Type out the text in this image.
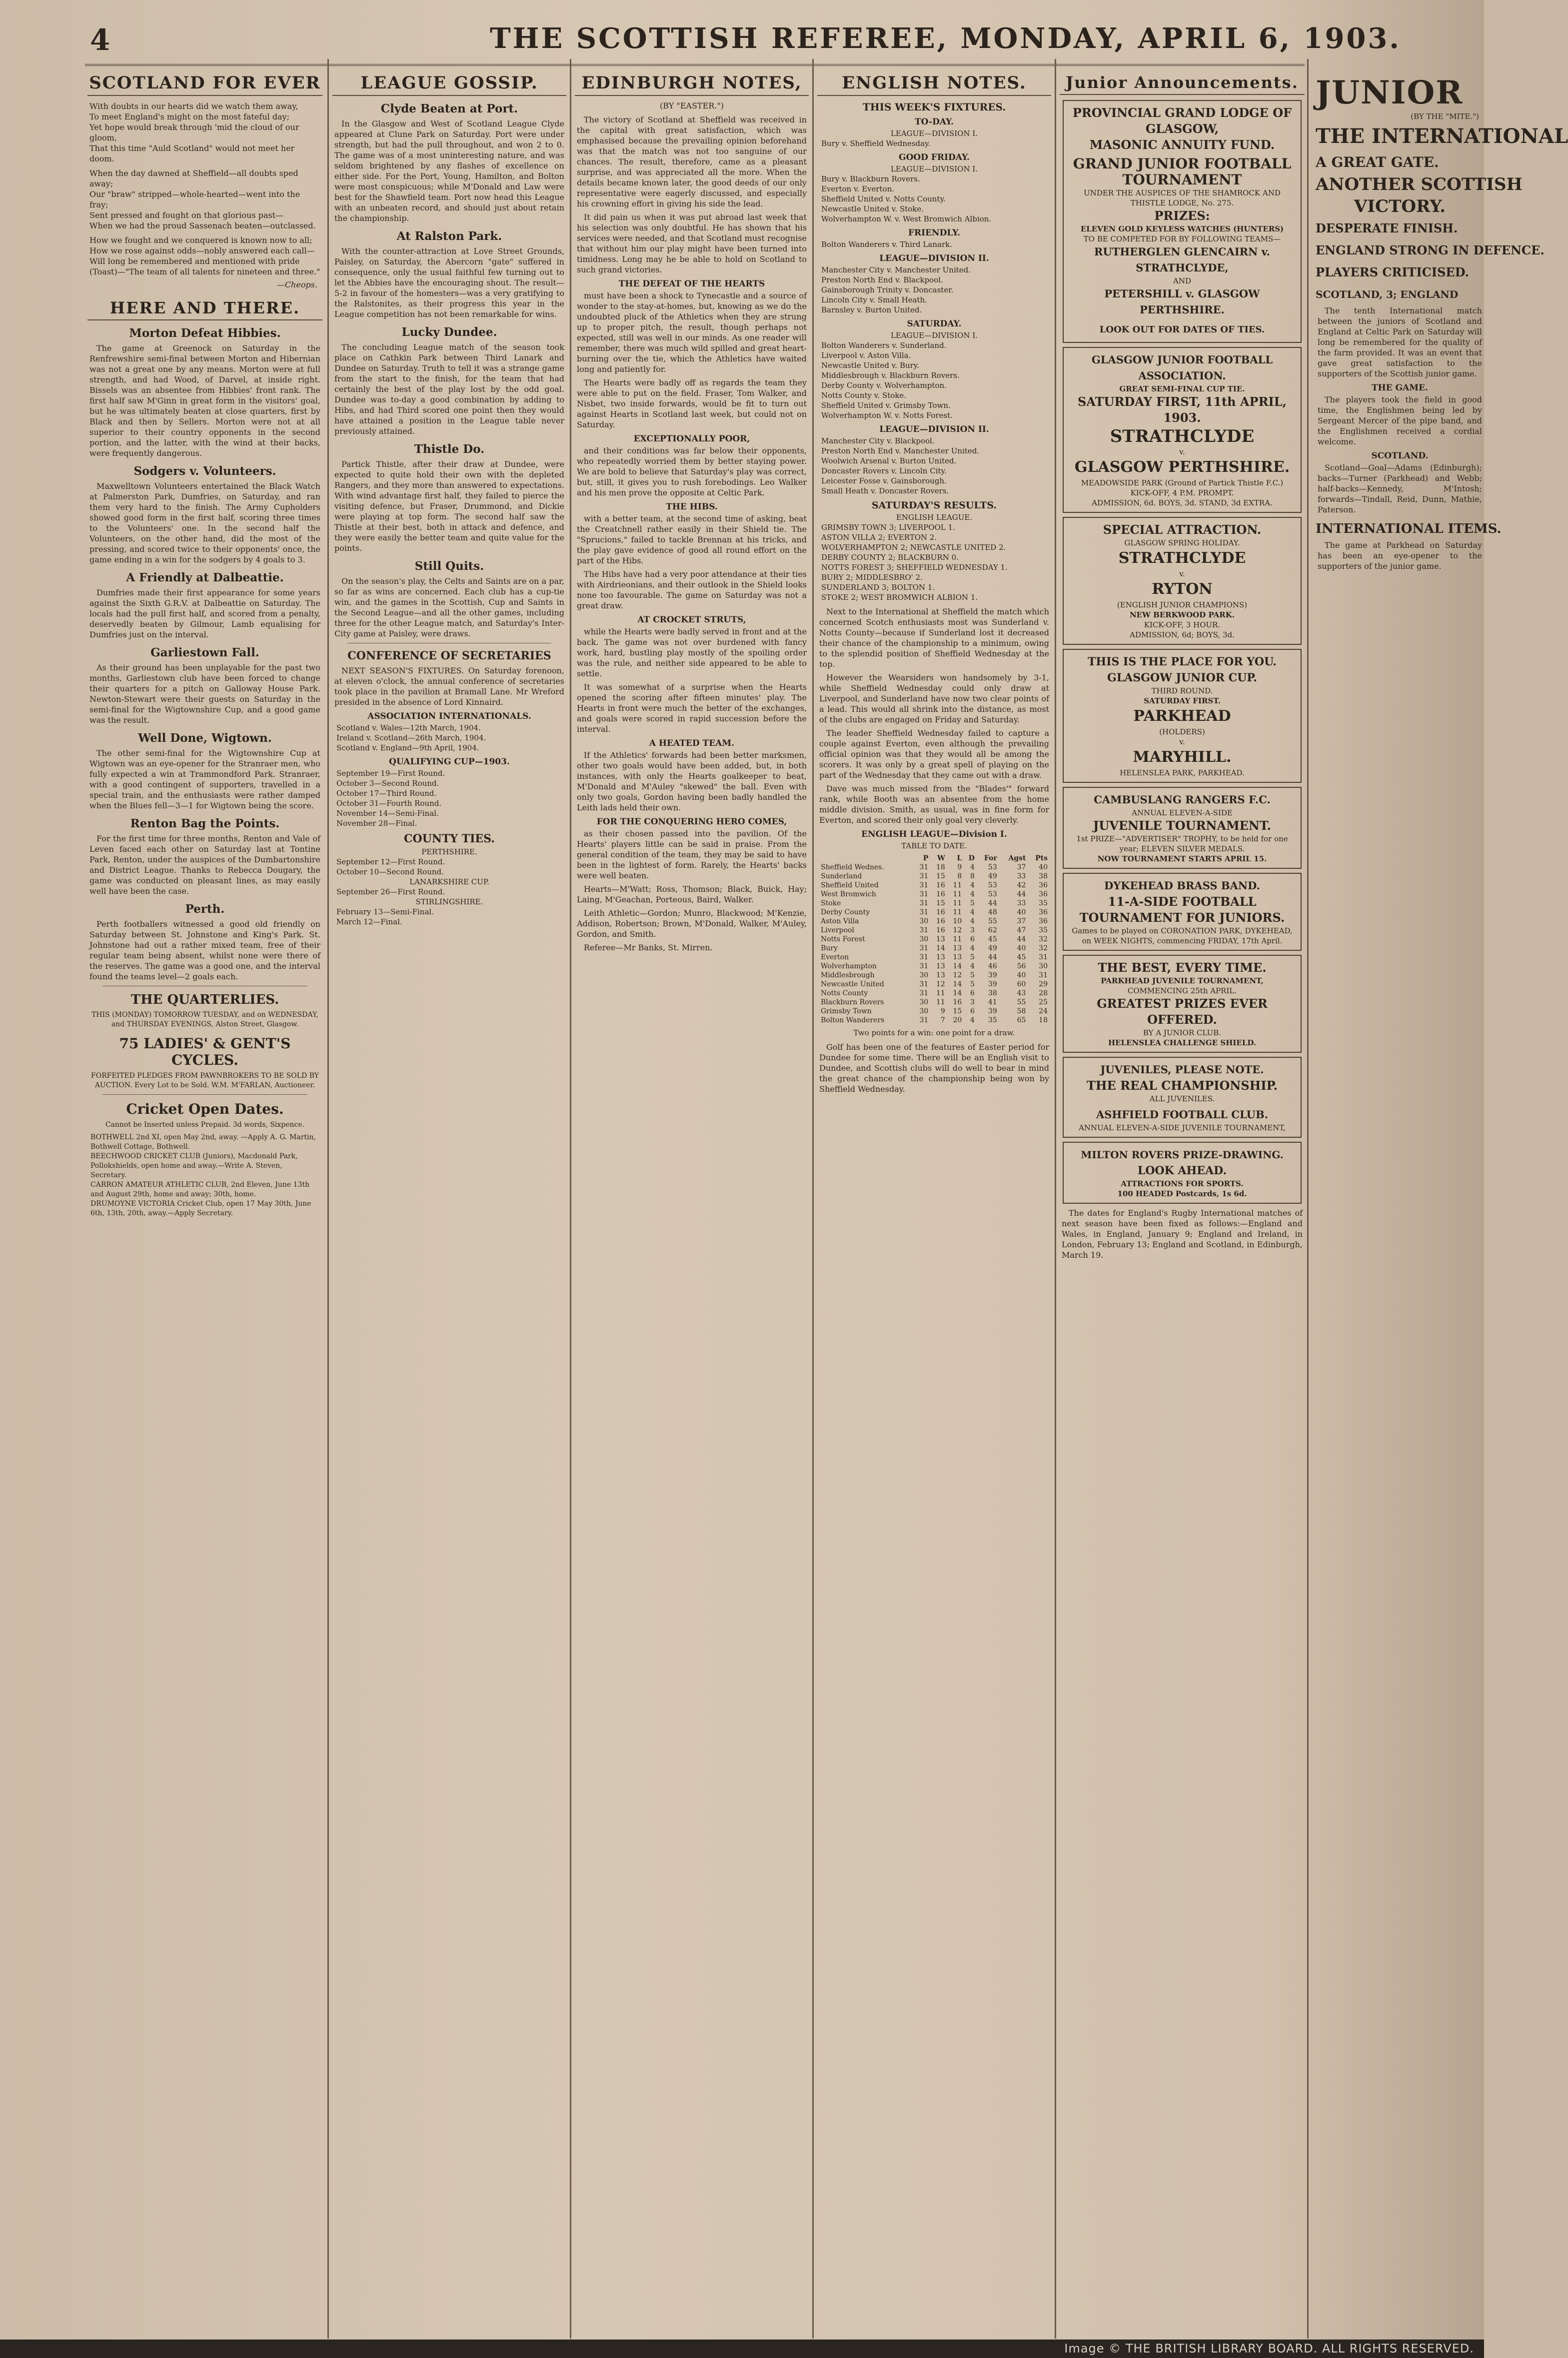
4	THE SCOTTISH REFEREE, MONDAY, APRIL 6, 1903.
SCOTLAND FOR EVER
With doubts in our hearts did we watch them away,
To meet England's might on the most fateful day;
Yet hope would break through 'mid the cloud of our gloom,
That this time "Auld Scotland" would not meet her doom.
When the day dawned at Sheffield—all doubts sped away;
Our "braw" stripped—whole-hearted—went into the fray;
Sent pressed and fought on that glorious past—
When we had the proud Sassenach beaten—outclassed.
How we fought and we conquered is known now to all;
How we rose against odds—nobly answered each call—
Will long be remembered and mentioned with pride
(Toast)—"The team of all talents for nineteen and three."
—Cheops.
HERE AND THERE.
Morton Defeat Hibbies.
The game at Greenock on Saturday in the Renfrewshire semi-final between Morton and Hibernian was not a great one by any means. Morton were at full strength, and had Wood, of Darvel, at inside right. Bissels was an absentee from Hibbies' front rank. The first half saw M'Ginn in great form in the visitors' goal, but he was ultimately beaten at close quarters, first by Black and then by Sellers. Morton were not at all superior to their country opponents in the second portion, and the latter, with the wind at their backs, were frequently dangerous.
Sodgers v. Volunteers.
Maxwelltown Volunteers entertained the Black Watch at Palmerston Park, Dumfries, on Saturday, and ran them very hard to the finish. The Army Cupholders showed good form in the first half, scoring three times to the Volunteers' one. In the second half the Volunteers, on the other hand, did the most of the pressing, and scored twice to their opponents' once, the game ending in a win for the sodgers by 4 goals to 3.
A Friendly at Dalbeattie.
Dumfries made their first appearance for some years against the Sixth G.R.V. at Dalbeattie on Saturday. The locals had the pull first half, and scored from a penalty, deservedly beaten by Gilmour, Lamb equalising for Dumfries just on the interval.
Garliestown Fall.
As their ground has been unplayable for the past two months, Garliestown club have been forced to change their quarters for a pitch on Galloway House Park. Newton-Stewart were their guests on Saturday in the semi-final for the Wigtownshire Cup, and a good game was the result.
Well Done, Wigtown.
The other semi-final for the Wigtownshire Cup at Wigtown was an eye-opener for the Stranraer men, who fully expected a win at Trammondford Park. Stranraer, with a good contingent of supporters, travelled in a special train, and the enthusiasts were rather damped when the Blues fell—3—1 for Wigtown being the score.
Renton Bag the Points.
For the first time for three months, Renton and Vale of Leven faced each other on Saturday last at Tontine Park, Renton, under the auspices of the Dumbartonshire and District League. Thanks to Rebecca Dougary, the game was conducted on pleasant lines, as may easily well have been the case.
Perth.
Perth footballers witnessed a good old friendly on Saturday between St. Johnstone and King's Park. St. Johnstone had out a rather mixed team, free of their regular team being absent, whilst none were there of the reserves. The game was a good one, and the interval found the teams level—2 goals each.
THE QUARTERLIES.
THIS (MONDAY) TOMORROW TUESDAY, and on WEDNESDAY, and THURSDAY EVENINGS, Alston Street, Glasgow.
75 LADIES' & GENT'S CYCLES.
FORFEITED PLEDGES FROM PAWNBROKERS TO BE SOLD BY AUCTION. Every Lot to be Sold. W.M. M'FARLAN, Auctioneer.
Cricket Open Dates.
Cannot be Inserted unless Prepaid. 3d words, Sixpence.
BOTHWELL 2nd XI, open May 2nd, away. —Apply A. G. Martin, Bothwell Cottage, Bothwell.
BEECHWOOD CRICKET CLUB (Juniors), Macdonald Park, Pollokshields, open home and away.—Write A. Steven, Secretary.
CARRON AMATEUR ATHLETIC CLUB, 2nd Eleven, June 13th and August 29th, home and away; 30th, home.
DRUMOYNE VICTORIA Cricket Club, open 17 May 30th, June 6th, 13th, 20th, away.—Apply Secretary.
LEAGUE GOSSIP.
Clyde Beaten at Port.
In the Glasgow and West of Scotland League Clyde appeared at Clune Park on Saturday. Port were under strength, but had the pull throughout, and won 2 to 0. The game was of a most uninteresting nature, and was seldom brightened by any flashes of excellence on either side. For the Port, Young, Hamilton, and Bolton were most conspicuous; while M'Donald and Law were best for the Shawfield team. Port now head this League with an unbeaten record, and should just about retain the championship.
At Ralston Park.
With the counter-attraction at Love Street Grounds, Paisley, on Saturday, the Abercorn "gate" suffered in consequence, only the usual faithful few turning out to let the Abbies have the encouraging shout. The result—5-2 in favour of the homesters—was a very gratifying to the Ralstonites, as their progress this year in the League competition has not been remarkable for wins.
Lucky Dundee.
The concluding League match of the season took place on Cathkin Park between Third Lanark and Dundee on Saturday. Truth to tell it was a strange game from the start to the finish, for the team that had certainly the best of the play lost by the odd goal. Dundee was to-day a good combination by adding to Hibs, and had Third scored one point then they would have attained a position in the League table never previously attained.
Thistle Do.
Partick Thistle, after their draw at Dundee, were expected to quite hold their own with the depleted Rangers, and they more than answered to expectations. With wind advantage first half, they failed to pierce the visiting defence, but Fraser, Drummond, and Dickie were playing at top form. The second half saw the Thistle at their best, both in attack and defence, and they were easily the better team and quite value for the points.
Still Quits.
On the season's play, the Celts and Saints are on a par, so far as wins are concerned. Each club has a cup-tie win, and the games in the Scottish, Cup and Saints in the Second League—and all the other games, including three for the other League match, and Saturday's Inter-City game at Paisley, were draws.
CONFERENCE OF SECRETARIES
NEXT SEASON'S FIXTURES. On Saturday forenoon, at eleven o'clock, the annual conference of secretaries took place in the pavilion at Bramall Lane. Mr Wreford presided in the absence of Lord Kinnaird.
ASSOCIATION INTERNATIONALS.
Scotland v. Wales—12th March, 1904.
Ireland v. Scotland—26th March, 1904.
Scotland v. England—9th April, 1904.
QUALIFYING CUP—1903.
September 19—First Round.
October 3—Second Round.
October 17—Third Round.
October 31—Fourth Round.
November 14—Semi-Final.
November 28—Final.
COUNTY TIES.
PERTHSHIRE.
September 12—First Round.
October 10—Second Round.
LANARKSHIRE CUP.
September 26—First Round.
STIRLINGSHIRE.
February 13—Semi-Final.
March 12—Final.
EDINBURGH NOTES,
(BY "EASTER.")
The victory of Scotland at Sheffield was received in the capital with great satisfaction, which was emphasised because the prevailing opinion beforehand was that the match was not too sanguine of our chances. The result, therefore, came as a pleasant surprise, and was appreciated all the more. When the details became known later, the good deeds of our only representative were eagerly discussed, and especially his crowning effort in giving his side the lead.
It did pain us when it was put abroad last week that his selection was only doubtful. He has shown that his services were needed, and that Scotland must recognise that without him our play might have been turned into timidness. Long may he be able to hold on Scotland to such grand victories.
THE DEFEAT OF THE HEARTS
must have been a shock to Tynecastle and a source of wonder to the stay-at-homes, but, knowing as we do the undoubted pluck of the Athletics when they are strung up to proper pitch, the result, though perhaps not expected, still was well in our minds. As one reader will remember, there was much wild spilled and great heart-burning over the tie, which the Athletics have waited long and patiently for.
The Hearts were badly off as regards the team they were able to put on the field. Fraser, Tom Walker, and Nisbet, two inside forwards, would be fit to turn out against Hearts in Scotland last week, but could not on Saturday.
EXCEPTIONALLY POOR,
and their conditions was far below their opponents, who repeatedly worried them by better staying power. We are bold to believe that Saturday's play was correct, but, still, it gives you to rush forebodings. Leo Walker and his men prove the opposite at Celtic Park.
THE HIBS.
with a better team, at the second time of asking, beat the Creatchnell rather easily in their Shield tie. The "Sprucions," failed to tackle Brennan at his tricks, and the play gave evidence of good all round effort on the part of the Hibs.
The Hibs have had a very poor attendance at their ties with Airdrieonians, and their outlook in the Shield looks none too favourable. The game on Saturday was not a great draw.
AT CROCKET STRUTS,
while the Hearts were badly served in front and at the back. The game was not over burdened with fancy work, hard, bustling play mostly of the spoiling order was the rule, and neither side appeared to be able to settle.
It was somewhat of a surprise when the Hearts opened the scoring after fifteen minutes' play. The Hearts in front were much the better of the exchanges, and goals were scored in rapid succession before the interval.
A HEATED TEAM.
If the Athletics' forwards had been better marksmen, other two goals would have been added, but, in both instances, with only the Hearts goalkeeper to beat, M'Donald and M'Auley "skewed" the ball. Even with only two goals, Gordon having been badly handled the Leith lads held their own.
FOR THE CONQUERING HERO COMES,
as their chosen passed into the pavilion. Of the Hearts' players little can be said in praise. From the general condition of the team, they may be said to have been in the lightest of form. Rarely, the Hearts' backs were well beaten.
Hearts—M'Watt; Ross, Thomson; Black, Buick, Hay; Laing, M'Geachan, Porteous, Baird, Walker.
Leith Athletic—Gordon; Munro, Blackwood; M'Kenzie, Addison, Robertson; Brown, M'Donald, Walker, M'Auley, Gordon, and Smith.
Referee—Mr Banks, St. Mirren.
ENGLISH NOTES.
THIS WEEK'S FIXTURES.
TO-DAY.
LEAGUE—DIVISION I.
Bury v. Sheffield Wednesday.
GOOD FRIDAY.
LEAGUE—DIVISION I.
Bury v. Blackburn Rovers.
Everton v. Everton.
Sheffield United v. Notts County.
Newcastle United v. Stoke.
Wolverhampton W. v. West Bromwich Albion.
FRIENDLY.
Bolton Wanderers v. Third Lanark.
LEAGUE—DIVISION II.
Manchester City v. Manchester United.
Preston North End v. Blackpool.
Gainsborough Trinity v. Doncaster.
Lincoln City v. Small Heath.
Barnsley v. Burton United.
SATURDAY.
LEAGUE—DIVISION I.
Bolton Wanderers v. Sunderland.
Liverpool v. Aston Villa.
Newcastle United v. Bury.
Middlesbrough v. Blackburn Rovers.
Derby County v. Wolverhampton.
Notts County v. Stoke.
Sheffield United v. Grimsby Town.
Wolverhampton W. v. Notts Forest.
LEAGUE—DIVISION II.
Manchester City v. Blackpool.
Preston North End v. Manchester United.
Woolwich Arsenal v. Burton United.
Doncaster Rovers v. Lincoln City.
Leicester Fosse v. Gainsborough.
Small Heath v. Doncaster Rovers.
SATURDAY'S RESULTS.
ENGLISH LEAGUE.
GRIMSBY TOWN 3; LIVERPOOL 1.
ASTON VILLA 2; EVERTON 2.
WOLVERHAMPTON 2; NEWCASTLE UNITED 2.
DERBY COUNTY 2; BLACKBURN 0.
NOTTS FOREST 3; SHEFFIELD WEDNESDAY 1.
BURY 2; MIDDLESBRO' 2.
SUNDERLAND 3; BOLTON 1.
STOKE 2; WEST BROMWICH ALBION 1.
Next to the International at Sheffield the match which concerned Scotch enthusiasts most was Sunderland v. Notts County—because if Sunderland lost it decreased their chance of the championship to a minimum, owing to the splendid position of Sheffield Wednesday at the top.
However the Wearsiders won handsomely by 3-1, while Sheffield Wednesday could only draw at Liverpool, and Sunderland have now two clear points of a lead. This would all shrink into the distance, as most of the clubs are engaged on Friday and Saturday.
The leader Sheffield Wednesday failed to capture a couple against Everton, even although the prevailing official opinion was that they would all be among the scorers. It was only by a great spell of playing on the part of the Wednesday that they came out with a draw.
Dave was much missed from the "Blades'" forward rank, while Booth was an absentee from the home middle division. Smith, as usual, was in fine form for Everton, and scored their only goal very cleverly.
ENGLISH LEAGUE—Division I.
TABLE TO DATE.
	P	W	L	D	For	Agst	Pts
Sheffield Wednes.	31	18	9	4	53	37	40
Sunderland	31	15	8	8	49	33	38
Sheffield United	31	16	11	4	53	42	36
West Bromwich	31	16	11	4	53	44	36
Stoke	31	15	11	5	44	33	35
Derby County	31	16	11	4	48	40	36
Aston Villa	30	16	10	4	55	37	36
Liverpool	31	16	12	3	62	47	35
Notts Forest	30	13	11	6	45	44	32
Bury	31	14	13	4	49	40	32
Everton	31	13	13	5	44	45	31
Wolverhampton	31	13	14	4	46	56	30
Middlesbrough	30	13	12	5	39	40	31
Newcastle United	31	12	14	5	39	60	29
Notts County	31	11	14	6	38	43	28
Blackburn Rovers	30	11	16	3	41	55	25
Grimsby Town	30	9	15	6	39	58	24
Bolton Wanderers	31	7	20	4	35	65	18
Two points for a win: one point for a draw.
Golf has been one of the features of Easter period for Dundee for some time. There will be an English visit to Dundee, and Scottish clubs will do well to bear in mind the great chance of the championship being won by Sheffield Wednesday.
Junior Announcements.
PROVINCIAL GRAND LODGE OF GLASGOW,
MASONIC ANNUITY FUND.
GRAND JUNIOR FOOTBALL TOURNAMENT
UNDER THE AUSPICES OF THE SHAMROCK AND THISTLE LODGE, No. 275.
PRIZES:
ELEVEN GOLD KEYLESS WATCHES (HUNTERS)
TO BE COMPETED FOR BY FOLLOWING TEAMS—
RUTHERGLEN GLENCAIRN v. STRATHCLYDE,
AND
PETERSHILL v. GLASGOW PERTHSHIRE.
LOOK OUT FOR DATES OF TIES.
GLASGOW JUNIOR FOOTBALL ASSOCIATION.
GREAT SEMI-FINAL CUP TIE.
SATURDAY FIRST, 11th APRIL, 1903.
STRATHCLYDE
v.
GLASGOW PERTHSHIRE.
MEADOWSIDE PARK (Ground of Partick Thistle F.C.)
KICK-OFF, 4 P.M. PROMPT.
ADMISSION, 6d. BOYS, 3d. STAND, 3d EXTRA.
SPECIAL ATTRACTION.
GLASGOW SPRING HOLIDAY.
STRATHCLYDE
v.
RYTON
(ENGLISH JUNIOR CHAMPIONS)
NEW BERKWOOD PARK.
KICK-OFF, 3 HOUR.
ADMISSION, 6d; BOYS, 3d.
THIS IS THE PLACE FOR YOU.
GLASGOW JUNIOR CUP.
THIRD ROUND.
SATURDAY FIRST.
PARKHEAD
(HOLDERS)
v.
MARYHILL.
HELENSLEA PARK, PARKHEAD.
CAMBUSLANG RANGERS F.C.
ANNUAL ELEVEN-A-SIDE
JUVENILE TOURNAMENT.
1st PRIZE—"ADVERTISER" TROPHY, to be held for one year; ELEVEN SILVER MEDALS.
NOW TOURNAMENT STARTS APRIL 15.
DYKEHEAD BRASS BAND.
11-A-SIDE FOOTBALL TOURNAMENT FOR JUNIORS.
Games to be played on CORONATION PARK, DYKEHEAD, on WEEK NIGHTS, commencing FRIDAY, 17th April.
THE BEST, EVERY TIME.
PARKHEAD JUVENILE TOURNAMENT,
COMMENCING 25th APRIL.
GREATEST PRIZES EVER OFFERED.
BY A JUNIOR CLUB.
HELENSLEA CHALLENGE SHIELD.
JUVENILES, PLEASE NOTE.
THE REAL CHAMPIONSHIP.
ALL JUVENILES.
ASHFIELD FOOTBALL CLUB.
ANNUAL ELEVEN-A-SIDE JUVENILE TOURNAMENT,
MILTON ROVERS PRIZE-DRAWING.
LOOK AHEAD.
ATTRACTIONS FOR SPORTS.
100 HEADED Postcards, 1s 6d.
The dates for England's Rugby International matches of next season have been fixed as follows:—England and Wales, in England, January 9; England and Ireland, in London, February 13; England and Scotland, in Edinburgh, March 19.
JUNIOR
(BY THE "MITE.")
THE INTERNATIONAL
A GREAT GATE.
ANOTHER SCOTTISH
VICTORY.
DESPERATE FINISH.
ENGLAND STRONG IN DEFENCE.
PLAYERS CRITICISED.
SCOTLAND, 3; ENGLAND
The tenth International match between the juniors of Scotland and England at Celtic Park on Saturday will long be remembered for the quality of the farm provided. It was an event that gave great satisfaction to the supporters of the Scottish junior game.
THE GAME.
The players took the field in good time, the Englishmen being led by Sergeant Mercer of the pipe band, and the Englishmen received a cordial welcome.
SCOTLAND.
Scotland—Goal—Adams (Edinburgh); backs—Turner (Parkhead) and Webb; half-backs—Kennedy, M'Intosh; forwards—Tindall, Reid, Dunn, Mathie, Paterson.
INTERNATIONAL ITEMS.
The game at Parkhead on Saturday has been an eye-opener to the supporters of the junior game.
Image © THE BRITISH LIBRARY BOARD. ALL RIGHTS RESERVED.
